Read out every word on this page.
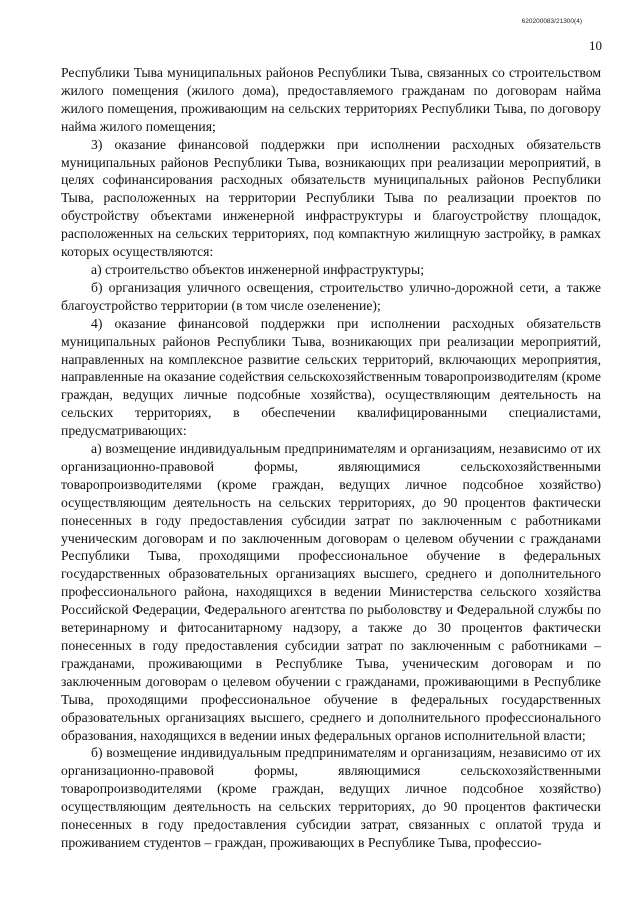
620200083/21300(4)
10

Республики Тыва муниципальных районов Республики Тыва, связанных со строительством жилого помещения (жилого дома), предоставляемого гражданам по договорам найма жилого помещения, проживающим на сельских территориях Республики Тыва, по договору найма жилого помещения;

3) оказание финансовой поддержки при исполнении расходных обязательств муниципальных районов Республики Тыва, возникающих при реализации мероприятий, в целях софинансирования расходных обязательств муниципальных районов Республики Тыва, расположенных на территории Республики Тыва по реализации проектов по обустройству объектами инженерной инфраструктуры и благоустройству площадок, расположенных на сельских территориях, под компактную жилищную застройку, в рамках которых осуществляются:

а) строительство объектов инженерной инфраструктуры;

б) организация уличного освещения, строительство улично-дорожной сети, а также благоустройство территории (в том числе озеленение);

4) оказание финансовой поддержки при исполнении расходных обязательств муниципальных районов Республики Тыва, возникающих при реализации мероприятий, направленных на комплексное развитие сельских территорий, включающих мероприятия, направленные на оказание содействия сельскохозяйственным товаропроизводителям (кроме граждан, ведущих личные подсобные хозяйства), осуществляющим деятельность на сельских территориях, в обеспечении квалифицированными специалистами, предусматривающих:

а) возмещение индивидуальным предпринимателям и организациям, независимо от их организационно-правовой формы, являющимися сельскохозяйственными товаропроизводителями (кроме граждан, ведущих личное подсобное хозяйство) осуществляющим деятельность на сельских территориях, до 90 процентов фактически понесенных в году предоставления субсидии затрат по заключенным с работниками ученическим договорам и по заключенным договорам о целевом обучении с гражданами Республики Тыва, проходящими профессиональное обучение в федеральных государственных образовательных организациях высшего, среднего и дополнительного профессионального района, находящихся в ведении Министерства сельского хозяйства Российской Федерации, Федерального агентства по рыболовству и Федеральной службы по ветеринарному и фитосанитарному надзору, а также до 30 процентов фактически понесенных в году предоставления субсидии затрат по заключенным с работниками – гражданами, проживающими в Республике Тыва, ученическим договорам и по заключенным договорам о целевом обучении с гражданами, проживающими в Республике Тыва, проходящими профессиональное обучение в федеральных государственных образовательных организациях высшего, среднего и дополнительного профессионального образования, находящихся в ведении иных федеральных органов исполнительной власти;

б) возмещение индивидуальным предпринимателям и организациям, независимо от их организационно-правовой формы, являющимися сельскохозяйственными товаропроизводителями (кроме граждан, ведущих личное подсобное хозяйство) осуществляющим деятельность на сельских территориях, до 90 процентов фактически понесенных в году предоставления субсидии затрат, связанных с оплатой труда и проживанием студентов – граждан, проживающих в Республике Тыва, профессио-
